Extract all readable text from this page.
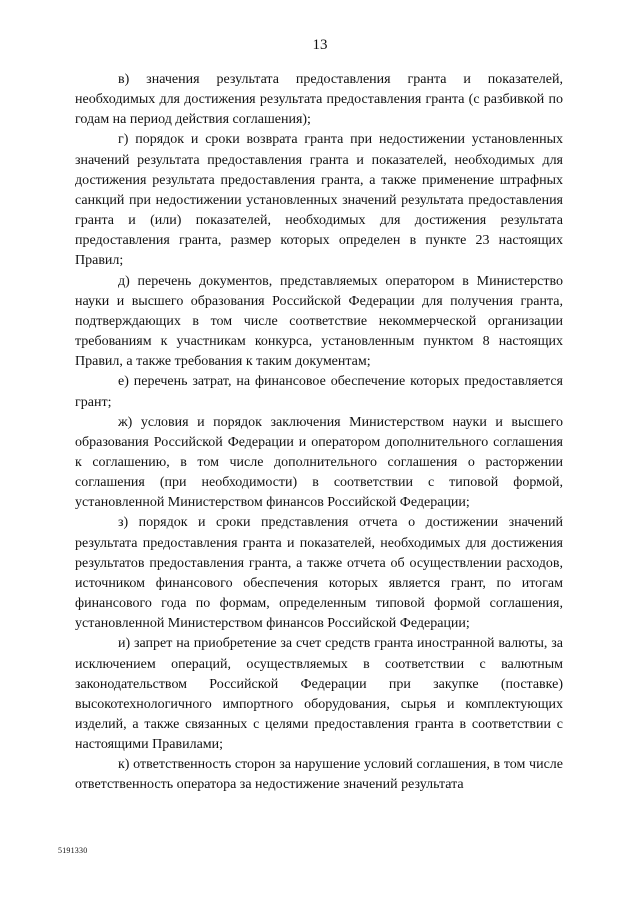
13

в) значения результата предоставления гранта и показателей, необходимых для достижения результата предоставления гранта (с разбивкой по годам на период действия соглашения);

г) порядок и сроки возврата гранта при недостижении установленных значений результата предоставления гранта и показателей, необходимых для достижения результата предоставления гранта, а также применение штрафных санкций при недостижении установленных значений результата предоставления гранта и (или) показателей, необходимых для достижения результата предоставления гранта, размер которых определен в пункте 23 настоящих Правил;

д) перечень документов, представляемых оператором в Министерство науки и высшего образования Российской Федерации для получения гранта, подтверждающих в том числе соответствие некоммерческой организации требованиям к участникам конкурса, установленным пунктом 8 настоящих Правил, а также требования к таким документам;

е) перечень затрат, на финансовое обеспечение которых предоставляется грант;

ж) условия и порядок заключения Министерством науки и высшего образования Российской Федерации и оператором дополнительного соглашения к соглашению, в том числе дополнительного соглашения о расторжении соглашения (при необходимости) в соответствии с типовой формой, установленной Министерством финансов Российской Федерации;

з) порядок и сроки представления отчета о достижении значений результата предоставления гранта и показателей, необходимых для достижения результатов предоставления гранта, а также отчета об осуществлении расходов, источником финансового обеспечения которых является грант, по итогам финансового года по формам, определенным типовой формой соглашения, установленной Министерством финансов Российской Федерации;

и) запрет на приобретение за счет средств гранта иностранной валюты, за исключением операций, осуществляемых в соответствии с валютным законодательством Российской Федерации при закупке (поставке) высокотехнологичного импортного оборудования, сырья и комплектующих изделий, а также связанных с целями предоставления гранта в соответствии с настоящими Правилами;

к) ответственность сторон за нарушение условий соглашения, в том числе ответственность оператора за недостижение значений результата

5191330
